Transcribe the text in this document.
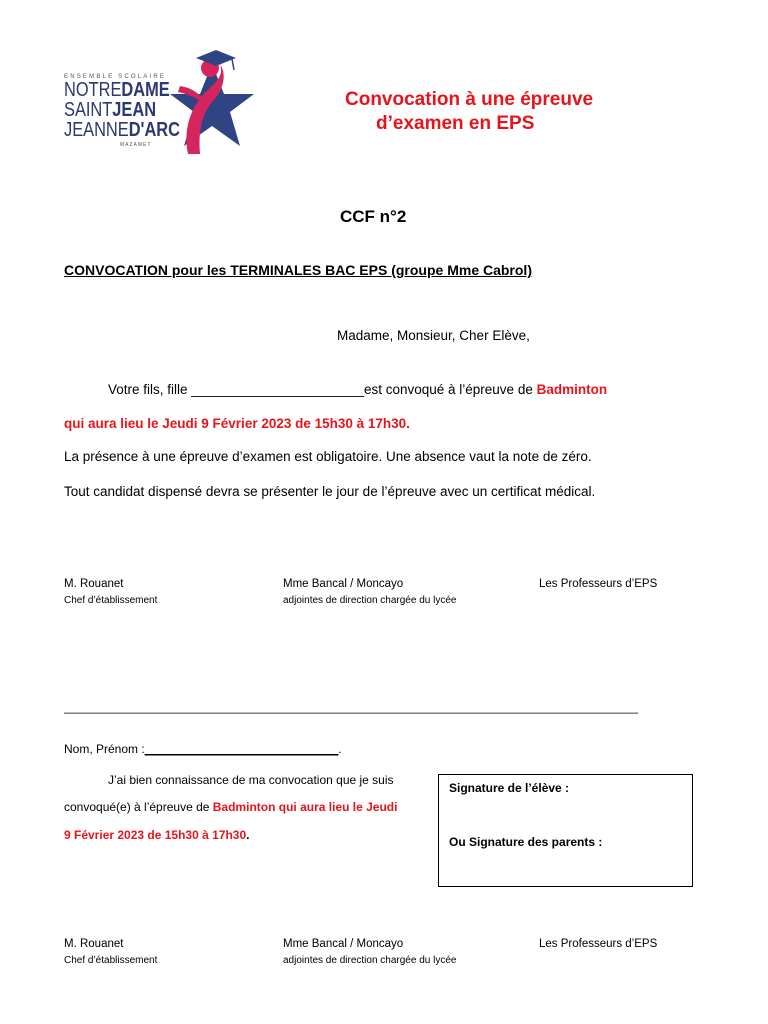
ENSEMBLE SCOLAIRE
NOTREDAME
SAINTJEAN
JEANNED'ARC
MAZAMET
Convocation à une épreuve
d’examen en EPS
CCF n°2
CONVOCATION pour les TERMINALES BAC EPS (groupe Mme Cabrol)
Madame, Monsieur, Cher Elève,
Votre fils, fille _______________________est convoqué à l’épreuve de Badminton
qui aura lieu le Jeudi 9 Février 2023 de 15h30 à 17h30.
La présence à une épreuve d’examen est obligatoire. Une absence vaut la note de zéro.
Tout candidat dispensé devra se présenter le jour de l’épreuve avec un certificat médical.
M. Rouanet
Chef d’établissement
Mme Bancal / Moncayo
adjointes de direction chargée du lycée
Les Professeurs d’EPS
______________________________________________________________________________________
Nom, Prénom :_____________________________.
J’ai bien connaissance de ma convocation que je suis
convoqué(e) à l’épreuve de Badminton qui aura lieu le Jeudi
9 Février 2023 de 15h30 à 17h30.
Signature de l’élève :
Ou Signature des parents :
M. Rouanet
Chef d’établissement
Mme Bancal / Moncayo
adjointes de direction chargée du lycée
Les Professeurs d’EPS
